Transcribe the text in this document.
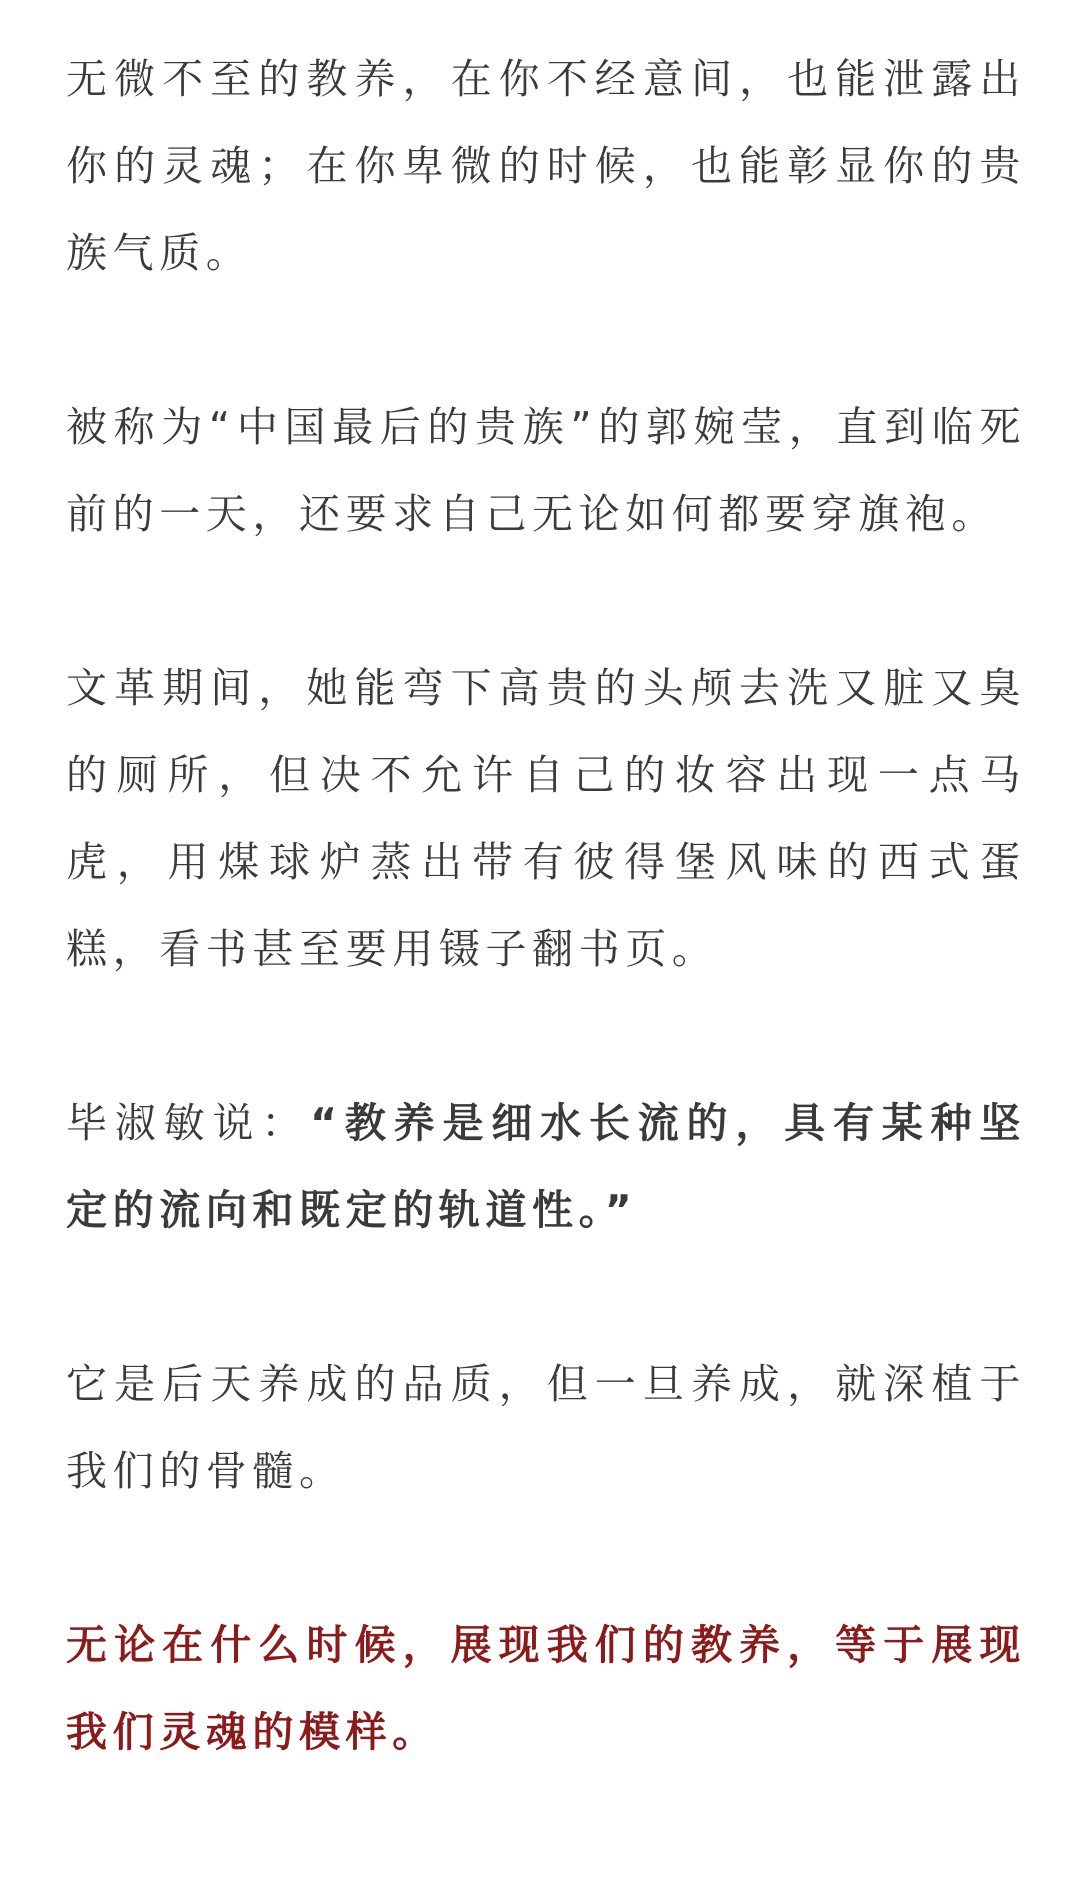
无微不至的教养，在你不经意间，也能泄露出你的灵魂；在你卑微的时候，也能彰显你的贵族气质。

被称为“中国最后的贵族”的郭婉莹，直到临死前的一天，还要求自己无论如何都要穿旗袍。

文革期间，她能弯下高贵的头颅去洗又脏又臭的厕所，但决不允许自己的妆容出现一点马虎，用煤球炉蒸出带有彼得堡风味的西式蛋糕，看书甚至要用镊子翻书页。

毕淑敏说：“教养是细水长流的，具有某种坚定的流向和既定的轨道性。”

它是后天养成的品质，但一旦养成，就深植于我们的骨髓。

无论在什么时候，展现我们的教养，等于展现我们灵魂的模样。
